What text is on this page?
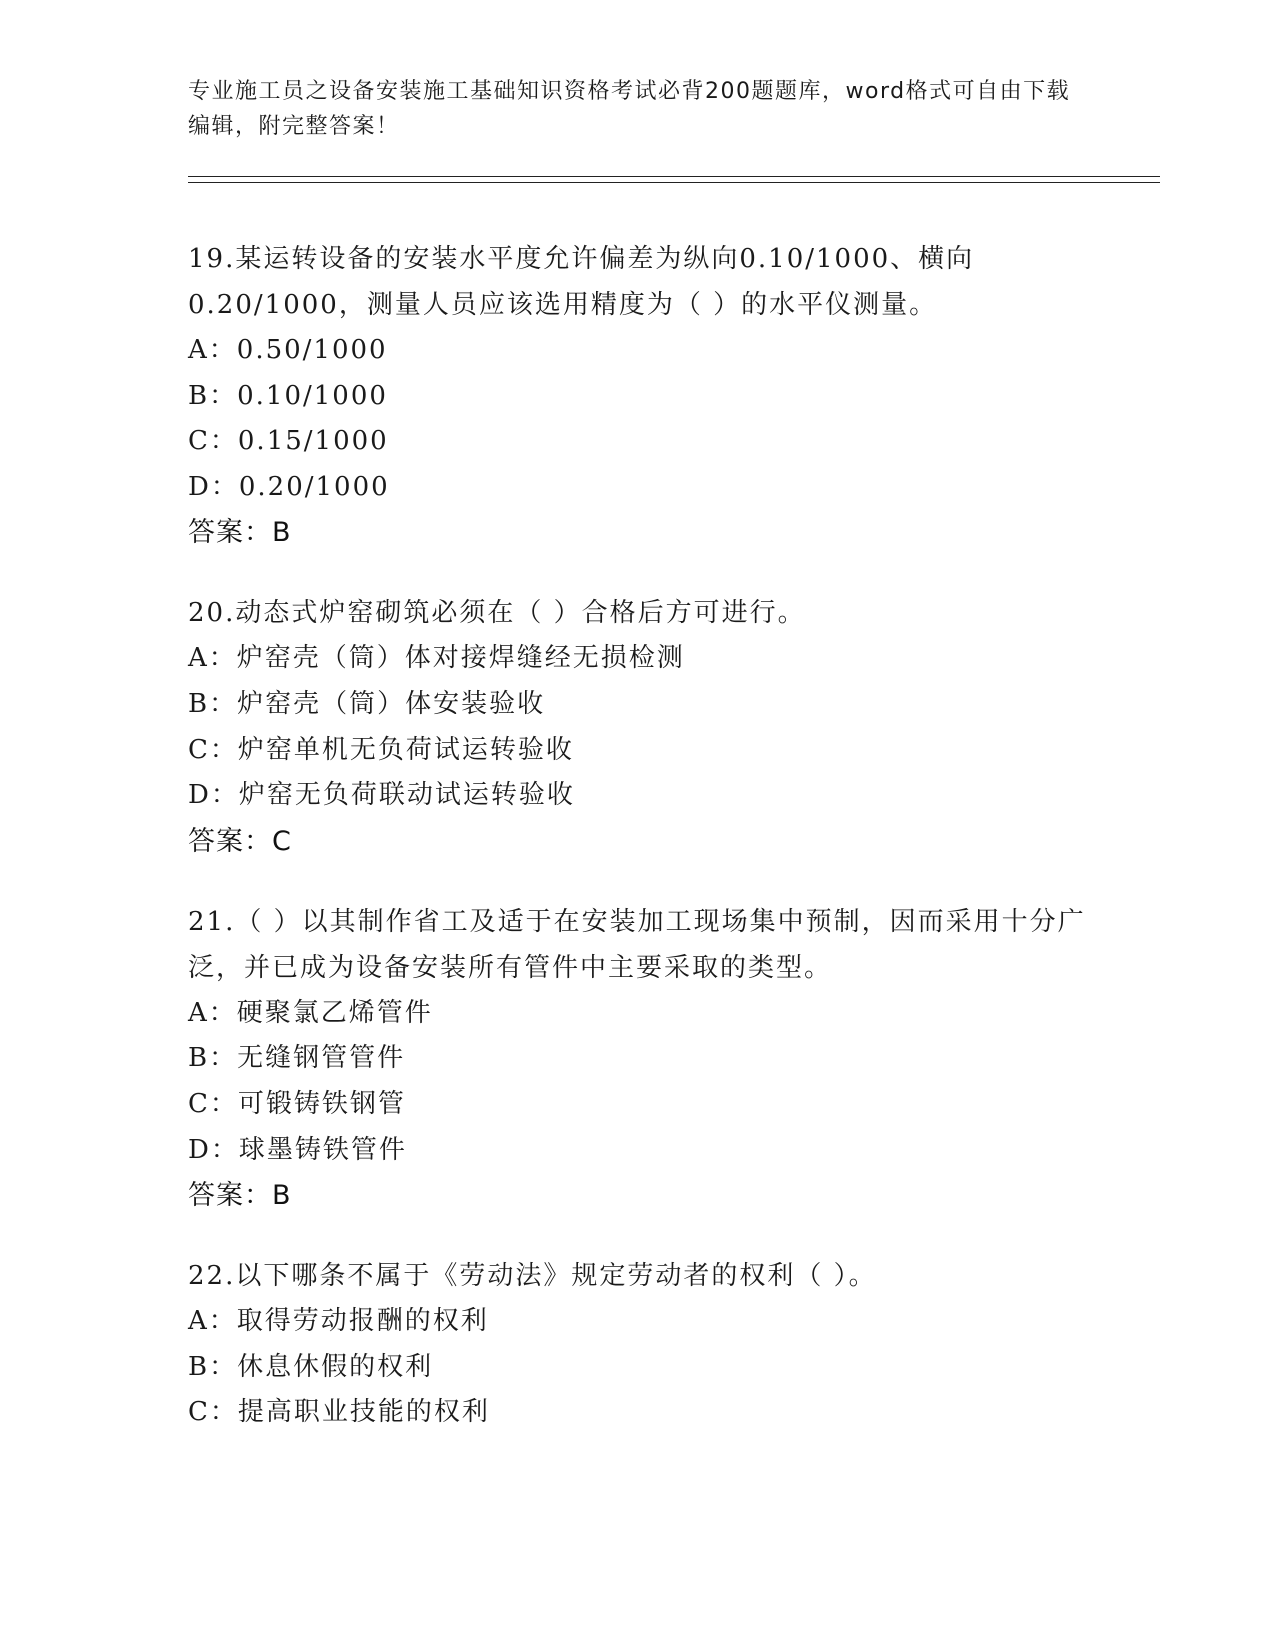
专业施工员之设备安装施工基础知识资格考试必背200题题库，word格式可自由下载编辑，附完整答案！

19.某运转设备的安装水平度允许偏差为纵向0.10/1000、横向0.20/1000，测量人员应该选用精度为（ ）的水平仪测量。

A：0.50/1000

B：0.10/1000

C：0.15/1000

D：0.20/1000

答案：B

20.动态式炉窑砌筑必须在（ ）合格后方可进行。

A：炉窑壳（筒）体对接焊缝经无损检测

B：炉窑壳（筒）体安装验收

C：炉窑单机无负荷试运转验收

D：炉窑无负荷联动试运转验收

答案：C

21.（ ）以其制作省工及适于在安装加工现场集中预制，因而采用十分广泛，并已成为设备安装所有管件中主要采取的类型。

A：硬聚氯乙烯管件

B：无缝钢管管件

C：可锻铸铁钢管

D：球墨铸铁管件

答案：B

22.以下哪条不属于《劳动法》规定劳动者的权利（ ）。

A：取得劳动报酬的权利

B：休息休假的权利

C：提高职业技能的权利
